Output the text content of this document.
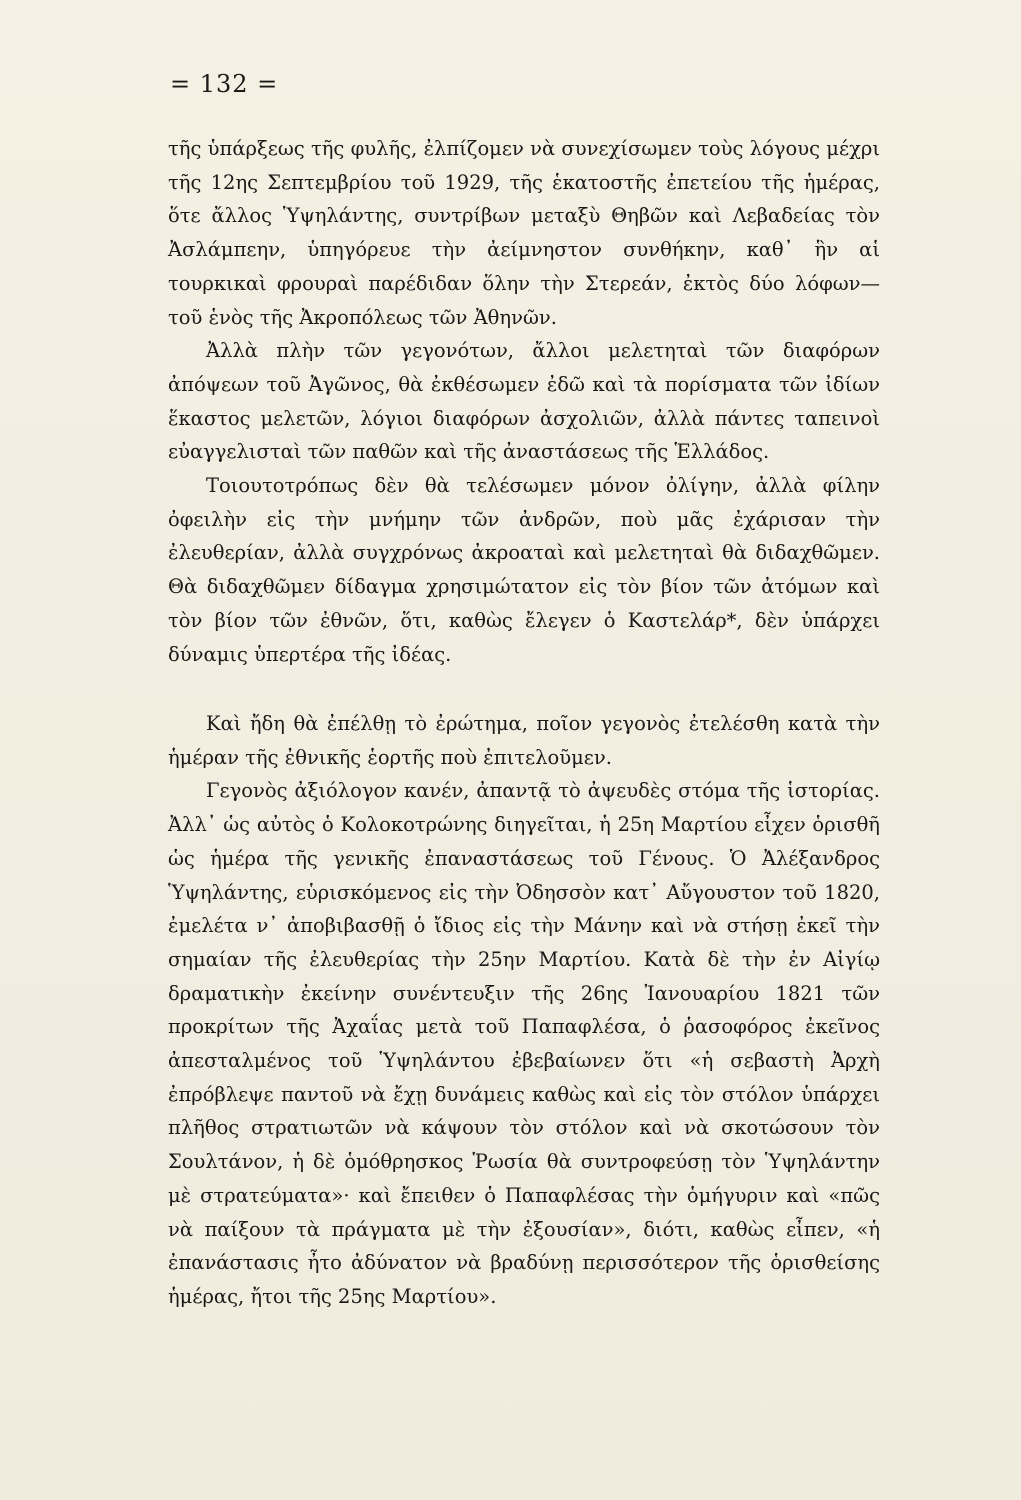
= 132 =

τῆς ὑπάρξεως τῆς φυλῆς, ἐλπίζομεν νὰ συνεχίσωμεν τοὺς λόγους μέχρι τῆς 12ης Σεπτεμβρίου τοῦ 1929, τῆς ἑκατοστῆς ἐπετείου τῆς ἡμέρας, ὅτε ἄλλος Ὑψηλάντης, συντρίβων μεταξὺ Θηβῶν καὶ Λεβαδείας τὸν Ἀσλάμπεην, ὑπηγόρευε τὴν ἀείμνηστον συνθήκην, καθ᾽ ἣν αἱ τουρκικαὶ φρουραὶ παρέδιδαν ὅλην τὴν Στερεάν, ἐκτὸς δύο λόφων—τοῦ ἑνὸς τῆς Ἀκροπόλεως τῶν Ἀθηνῶν.

Ἀλλὰ πλὴν τῶν γεγονότων, ἄλλοι μελετηταὶ τῶν διαφόρων ἀπόψεων τοῦ Ἀγῶνος, θὰ ἐκθέσωμεν ἐδῶ καὶ τὰ πορίσματα τῶν ἰδίων ἕκαστος μελετῶν, λόγιοι διαφόρων ἀσχολιῶν, ἀλλὰ πάντες ταπεινοὶ εὐαγγελισταὶ τῶν παθῶν καὶ τῆς ἀναστάσεως τῆς Ἑλλάδος.

Τοιουτοτρόπως δὲν θὰ τελέσωμεν μόνον ὀλίγην, ἀλλὰ φίλην ὀφειλὴν εἰς τὴν μνήμην τῶν ἀνδρῶν, ποὺ μᾶς ἐχάρισαν τὴν ἐλευθερίαν, ἀλλὰ συγχρόνως ἀκροαταὶ καὶ μελετηταὶ θὰ διδαχθῶμεν. Θὰ διδαχθῶμεν δίδαγμα χρησιμώτατον εἰς τὸν βίον τῶν ἀτόμων καὶ τὸν βίον τῶν ἐθνῶν, ὅτι, καθὼς ἔλεγεν ὁ Καστελάρ*, δὲν ὑπάρχει δύναμις ὑπερτέρα τῆς ἰδέας.

Καὶ ἤδη θὰ ἐπέλθῃ τὸ ἐρώτημα, ποῖον γεγονὸς ἐτελέσθη κατὰ τὴν ἡμέραν τῆς ἐθνικῆς ἑορτῆς ποὺ ἐπιτελοῦμεν.

Γεγονὸς ἀξιόλογον κανέν, ἀπαντᾷ τὸ ἀψευδὲς στόμα τῆς ἱστορίας. Ἀλλ᾽ ὡς αὐτὸς ὁ Κολοκοτρώνης διηγεῖται, ἡ 25η Μαρτίου εἶχεν ὁρισθῆ ὡς ἡμέρα τῆς γενικῆς ἐπαναστάσεως τοῦ Γένους. Ὁ Ἀλέξανδρος Ὑψηλάντης, εὑρισκόμενος εἰς τὴν Ὀδησσὸν κατ᾽ Αὔγουστον τοῦ 1820, ἐμελέτα ν᾽ ἀποβιβασθῇ ὁ ἴδιος εἰς τὴν Μάνην καὶ νὰ στήσῃ ἐκεῖ τὴν σημαίαν τῆς ἐλευθερίας τὴν 25ην Μαρτίου. Κατὰ δὲ τὴν ἐν Αἰγίῳ δραματικὴν ἐκείνην συνέντευξιν τῆς 26ης Ἰανουαρίου 1821 τῶν προκρίτων τῆς Ἀχαΐας μετὰ τοῦ Παπαφλέσα, ὁ ῥασοφόρος ἐκεῖνος ἀπεσταλμένος τοῦ Ὑψηλάντου ἐβεβαίωνεν ὅτι «ἡ σεβαστὴ Ἀρχὴ ἐπρόβλεψε παντοῦ νὰ ἔχῃ δυνάμεις καθὼς καὶ εἰς τὸν στόλον ὑπάρχει πλῆθος στρατιωτῶν νὰ κάψουν τὸν στόλον καὶ νὰ σκοτώσουν τὸν Σουλτάνον, ἡ δὲ ὁμόθρησκος Ῥωσία θὰ συντροφεύσῃ τὸν Ὑψηλάντην μὲ στρατεύματα»· καὶ ἔπειθεν ὁ Παπαφλέσας τὴν ὁμήγυριν καὶ «πῶς νὰ παίξουν τὰ πράγματα μὲ τὴν ἐξουσίαν», διότι, καθὼς εἶπεν, «ἡ ἐπανάστασις ἦτο ἀδύνατον νὰ βραδύνῃ περισσότερον τῆς ὁρισθείσης ἡμέρας, ἤτοι τῆς 25ης Μαρτίου».
